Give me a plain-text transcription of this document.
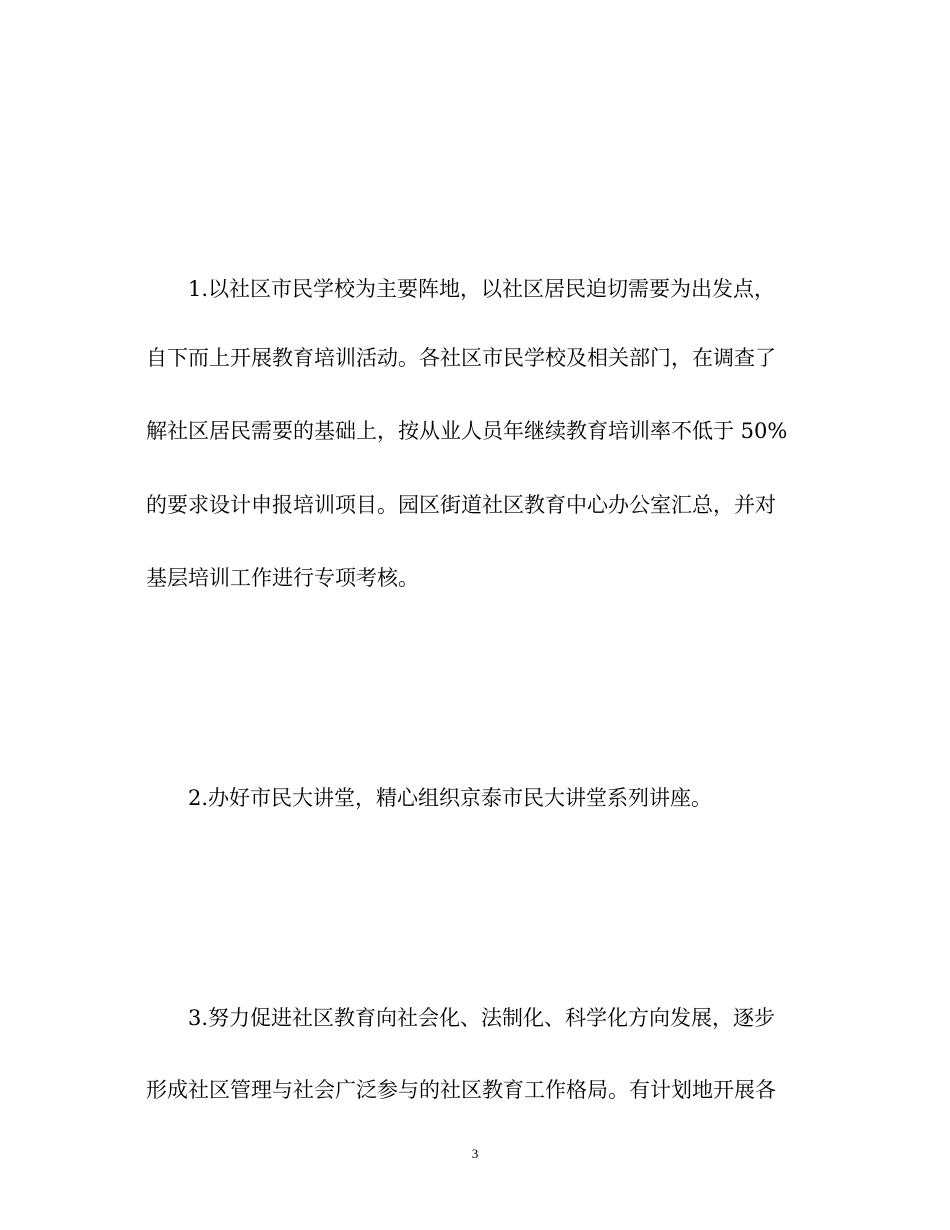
1.以社区市民学校为主要阵地，以社区居民迫切需要为出发点，
自下而上开展教育培训活动。各社区市民学校及相关部门，在调查了
解社区居民需要的基础上，按从业人员年继续教育培训率不低于 50%
的要求设计申报培训项目。园区街道社区教育中心办公室汇总，并对
基层培训工作进行专项考核。
2.办好市民大讲堂，精心组织京泰市民大讲堂系列讲座。
3.努力促进社区教育向社会化、法制化、科学化方向发展，逐步
形成社区管理与社会广泛参与的社区教育工作格局。有计划地开展各
3
